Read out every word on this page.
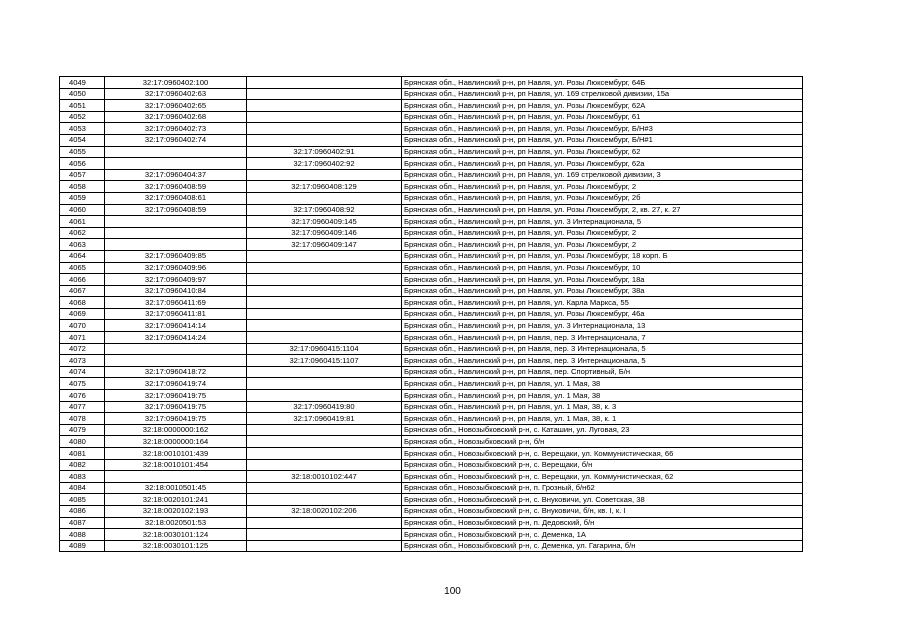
4049	32:17:0960402:100		Брянская обл., Навлинский р-н, рп Навля, ул. Розы Люксембург, 64Б
4050	32:17:0960402:63		Брянская обл., Навлинский р-н, рп Навля, ул. 169 стрелковой дивизии, 15а
4051	32:17:0960402:65		Брянская обл., Навлинский р-н, рп Навля, ул. Розы Люксембург, 62А
4052	32:17:0960402:68		Брянская обл., Навлинский р-н, рп Навля, ул. Розы Люксембург, 61
4053	32:17:0960402:73		Брянская обл., Навлинский р-н, рп Навля, ул. Розы Люксембург, Б/Н#3
4054	32:17:0960402:74		Брянская обл., Навлинский р-н, рп Навля, ул. Розы Люксембург, Б/Н#1
4055		32:17:0960402:91	Брянская обл., Навлинский р-н, рп Навля, ул. Розы Люксембург, 62
4056		32:17:0960402:92	Брянская обл., Навлинский р-н, рп Навля, ул. Розы Люксембург, 62а
4057	32:17:0960404:37		Брянская обл., Навлинский р-н, рп Навля, ул. 169 стрелковой дивизии, 3
4058	32:17:0960408:59	32:17:0960408:129	Брянская обл., Навлинский р-н, рп Навля, ул. Розы Люксембург, 2
4059	32:17:0960408:61		Брянская обл., Навлинский р-н, рп Навля, ул. Розы Люксембург, 2б
4060	32:17:0960408:59	32:17:0960408:92	Брянская обл., Навлинский р-н, рп Навля, ул. Розы Люксембург, 2, кв. 27, к. 27
4061		32:17:0960409:145	Брянская обл., Навлинский р-н, рп Навля, ул. 3 Интернационала, 5
4062		32:17:0960409:146	Брянская обл., Навлинский р-н, рп Навля, ул. Розы Люксембург, 2
4063		32:17:0960409:147	Брянская обл., Навлинский р-н, рп Навля, ул. Розы Люксембург, 2
4064	32:17:0960409:85		Брянская обл., Навлинский р-н, рп Навля, ул. Розы Люксембург, 18 корп. Б
4065	32:17:0960409:96		Брянская обл., Навлинский р-н, рп Навля, ул. Розы Люксембург, 10
4066	32:17:0960409:97		Брянская обл., Навлинский р-н, рп Навля, ул. Розы Люксембург, 18а
4067	32:17:0960410:84		Брянская обл., Навлинский р-н, рп Навля, ул. Розы Люксембург, 38а
4068	32:17:0960411:69		Брянская обл., Навлинский р-н, рп Навля, ул. Карла Маркса, 55
4069	32:17:0960411:81		Брянская обл., Навлинский р-н, рп Навля, ул. Розы Люксембург, 46а
4070	32:17:0960414:14		Брянская обл., Навлинский р-н, рп Навля, ул. 3 Интернационала, 13
4071	32:17:0960414:24		Брянская обл., Навлинский р-н, рп Навля, пер. 3 Интернационала, 7
4072		32:17:0960415:1104	Брянская обл., Навлинский р-н, рп Навля, пер. 3 Интернационала, 5
4073		32:17:0960415:1107	Брянская обл., Навлинский р-н, рп Навля, пер. 3 Интернационала, 5
4074	32:17:0960418:72		Брянская обл., Навлинский р-н, рп Навля, пер. Спортивный, Б/н
4075	32:17:0960419:74		Брянская обл., Навлинский р-н, рп Навля, ул. 1 Мая, 38
4076	32:17:0960419:75		Брянская обл., Навлинский р-н, рп Навля, ул. 1 Мая, 38
4077	32:17:0960419:75	32:17:0960419:80	Брянская обл., Навлинский р-н, рп Навля, ул. 1 Мая, 38, к. 3
4078	32:17:0960419:75	32:17:0960419:81	Брянская обл., Навлинский р-н, рп Навля, ул. 1 Мая, 38, к. 1
4079	32:18:0000000:162		Брянская обл., Новозыбковский р-н, с. Каташин, ул. Луговая, 23
4080	32:18:0000000:164		Брянская обл., Новозыбковский р-н, б/н
4081	32:18:0010101:439		Брянская обл., Новозыбковский р-н, с. Верещаки, ул. Коммунистическая, 66
4082	32:18:0010101:454		Брянская обл., Новозыбковский р-н, с. Верещаки, б/н
4083		32:18:0010102:447	Брянская обл., Новозыбковский р-н, с. Верещаки, ул. Коммунистическая, 62
4084	32:18:0010501:45		Брянская обл., Новозыбковский р-н, п. Грозный, б/н62
4085	32:18:0020101:241		Брянская обл., Новозыбковский р-н, с. Внуковичи, ул. Советская, 38
4086	32:18:0020102:193	32:18:0020102:206	Брянская обл., Новозыбковский р-н, с. Внуковичи, б/н, кв. I, к. I
4087	32:18:0020501:53		Брянская обл., Новозыбковский р-н, п. Дедовский, б/н
4088	32:18:0030101:124		Брянская обл., Новозыбковский р-н, с. Деменка, 1А
4089	32:18:0030101:125		Брянская обл., Новозыбковский р-н, с. Деменка, ул. Гагарина, б/н
100
